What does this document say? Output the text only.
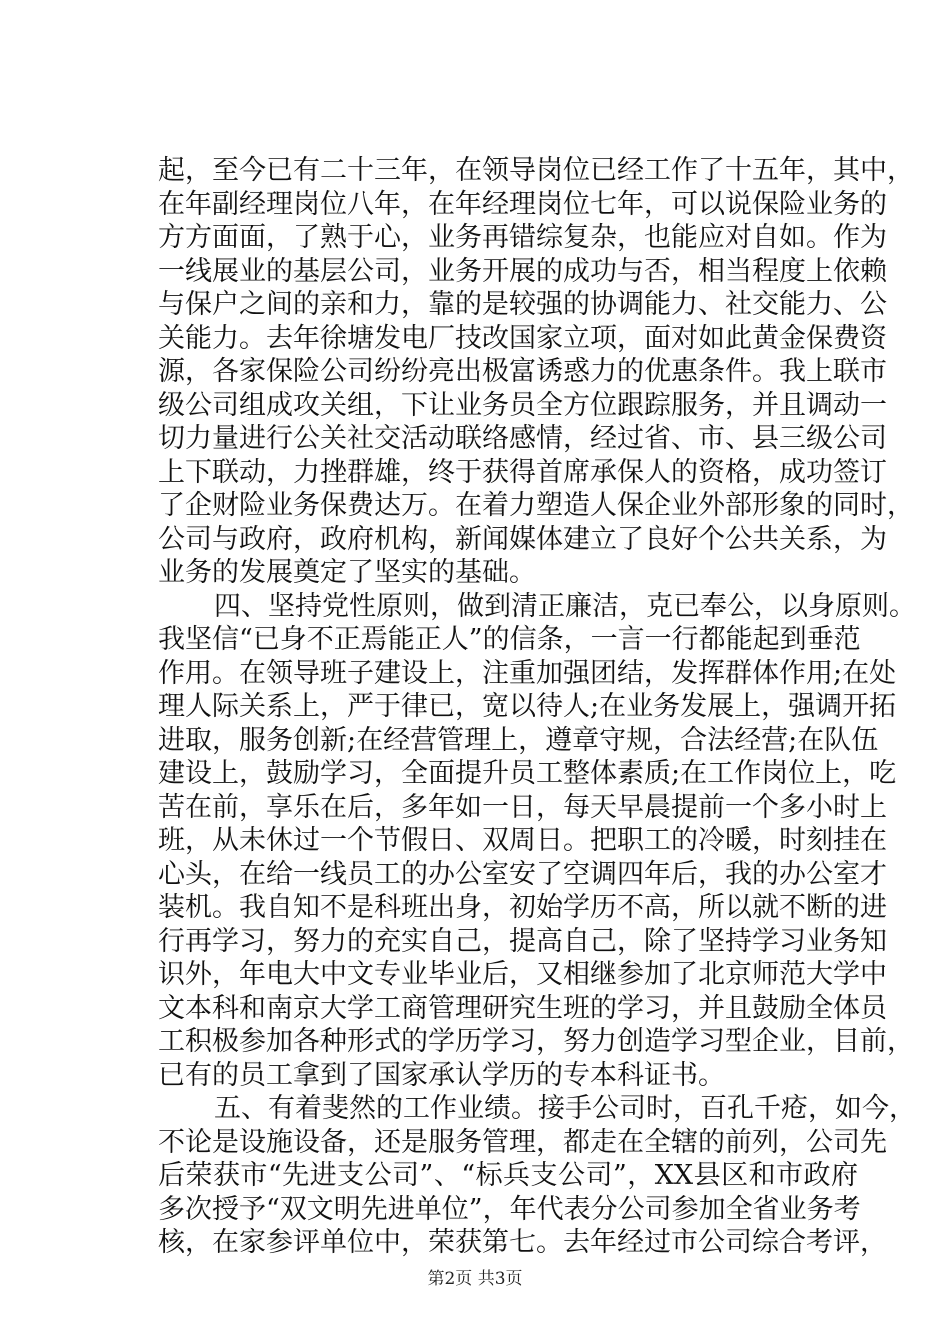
起，至今已有二十三年，在领导岗位已经工作了十五年，其中，
在年副经理岗位八年，在年经理岗位七年，可以说保险业务的
方方面面，了熟于心，业务再错综复杂，也能应对自如。作为
一线展业的基层公司，业务开展的成功与否，相当程度上依赖
与保户之间的亲和力，靠的是较强的协调能力、社交能力、公
关能力。去年徐塘发电厂技改国家立项，面对如此黄金保费资
源，各家保险公司纷纷亮出极富诱惑力的优惠条件。我上联市
级公司组成攻关组，下让业务员全方位跟踪服务，并且调动一
切力量进行公关社交活动联络感情，经过省、市、县三级公司
上下联动，力挫群雄，终于获得首席承保人的资格，成功签订
了企财险业务保费达万。在着力塑造人保企业外部形象的同时，
公司与政府，政府机构，新闻媒体建立了良好个公共关系，为
业务的发展奠定了坚实的基础。
四、坚持党性原则，做到清正廉洁，克已奉公，以身原则。
我坚信“已身不正焉能正人”的信条，一言一行都能起到垂范
作用。在领导班子建设上，注重加强团结，发挥群体作用;在处
理人际关系上，严于律已，宽以待人;在业务发展上，强调开拓
进取，服务创新;在经营管理上，遵章守规，合法经营;在队伍
建设上，鼓励学习，全面提升员工整体素质;在工作岗位上，吃
苦在前，享乐在后，多年如一日，每天早晨提前一个多小时上
班，从未休过一个节假日、双周日。把职工的冷暖，时刻挂在
心头，在给一线员工的办公室安了空调四年后，我的办公室才
装机。我自知不是科班出身，初始学历不高，所以就不断的进
行再学习，努力的充实自己，提高自己，除了坚持学习业务知
识外，年电大中文专业毕业后，又相继参加了北京师范大学中
文本科和南京大学工商管理研究生班的学习，并且鼓励全体员
工积极参加各种形式的学历学习，努力创造学习型企业，目前，
已有的员工拿到了国家承认学历的专本科证书。
五、有着斐然的工作业绩。接手公司时，百孔千疮，如今，
不论是设施设备，还是服务管理，都走在全辖的前列，公司先
后荣获市“先进支公司”、“标兵支公司”，XX县区和市政府
多次授予“双文明先进单位”，年代表分公司参加全省业务考
核，在家参评单位中，荣获第七。去年经过市公司综合考评，
第2页 共3页
